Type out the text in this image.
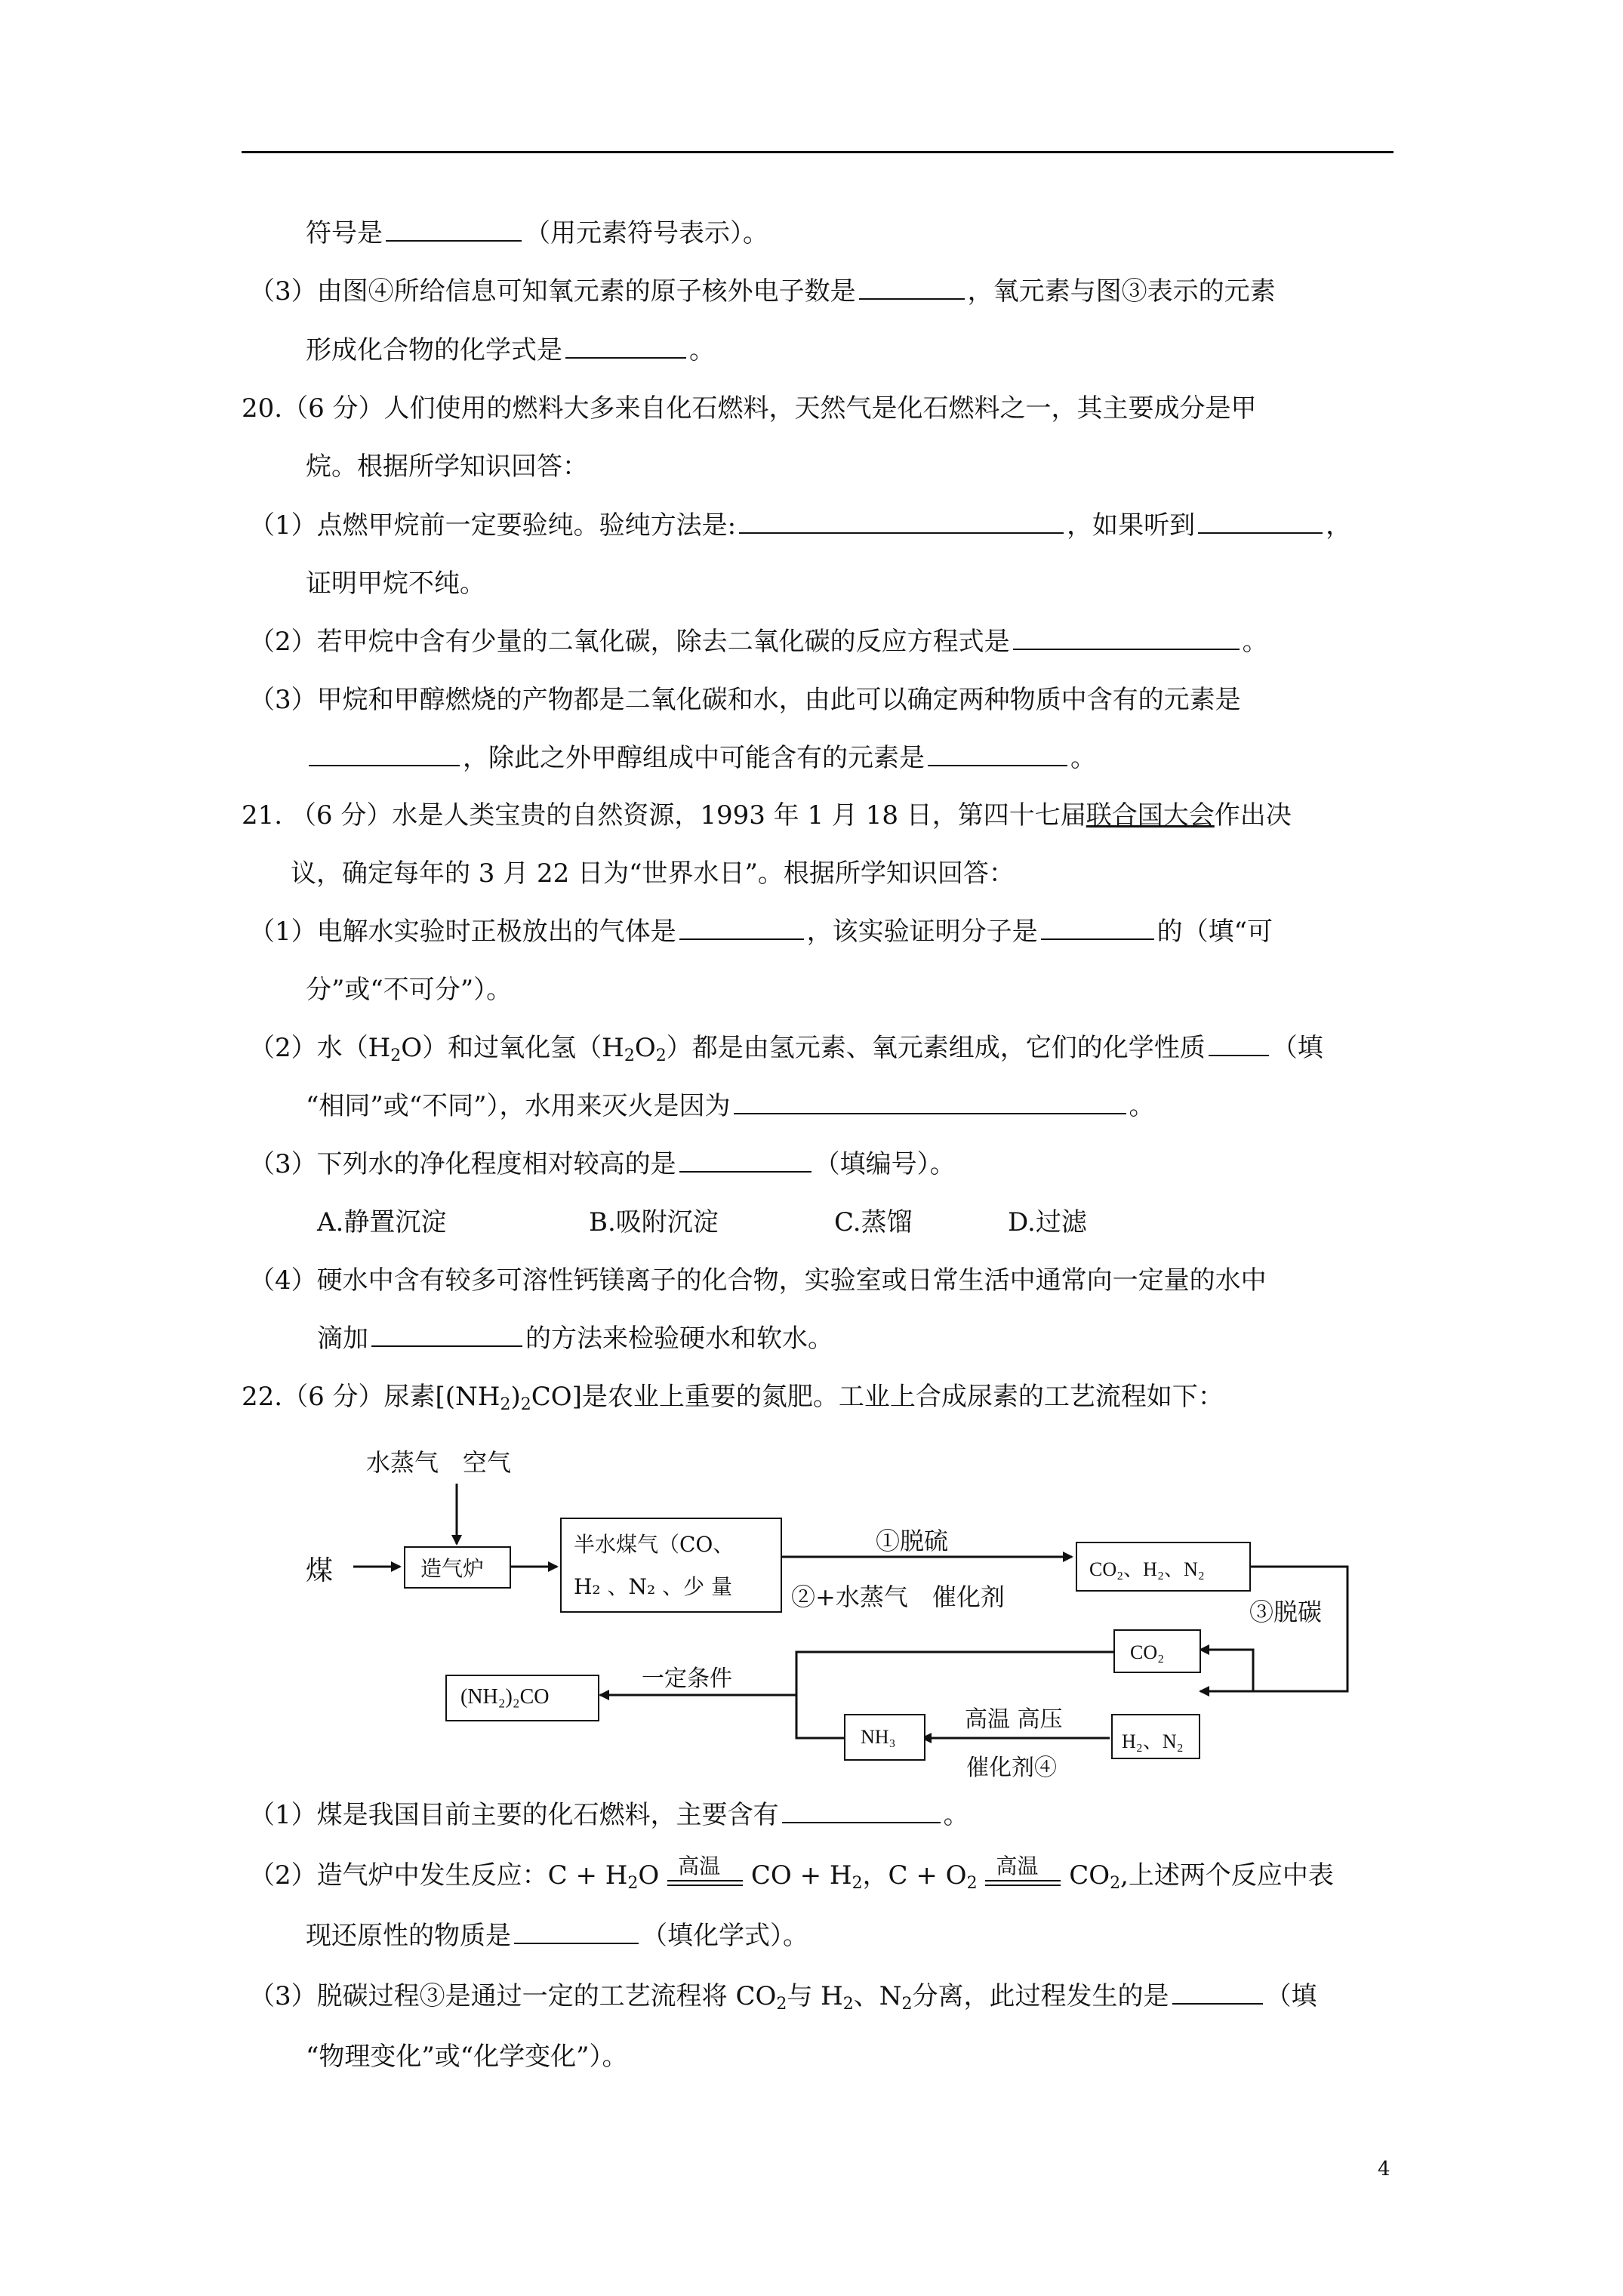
符号是	（用元素符号表示）。
（3）由图④所给信息可知氧元素的原子核外电子数是	，氧元素与图③表示的元素
形成化合物的化学式是	。
20.（6 分）人们使用的燃料大多来自化石燃料，天然气是化石燃料之一，其主要成分是甲
烷。根据所学知识回答：
（1）点燃甲烷前一定要验纯。验纯方法是:	，如果听到	，
证明甲烷不纯。
（2）若甲烷中含有少量的二氧化碳，除去二氧化碳的反应方程式是	。
（3）甲烷和甲醇燃烧的产物都是二氧化碳和水，由此可以确定两种物质中含有的元素是
，除此之外甲醇组成中可能含有的元素是	。
21. （6 分）水是人类宝贵的自然资源，1993 年 1 月 18 日，第四十七届联合国大会作出决
议，确定每年的 3 月 22 日为“世界水日”。根据所学知识回答：
（1）电解水实验时正极放出的气体是	，该实验证明分子是	的（填“可
分”或“不可分”）。
（2）水$(H_2O)$和过氧化氢$(H_2O_2)$都是由氢元素、氧元素组成，它们的化学性质	（填
“相同”或“不同”），水用来灭火是因为	。
（3）下列水的净化程度相对较高的是	（填编号）。
A.静置沉淀	B.吸附沉淀	C.蒸馏	D.过滤
（4）硬水中含有较多可溶性钙镁离子的化合物，实验室或日常生活中通常向一定量的水中
滴加	的方法来检验硬水和软水。
22.（6 分）尿素$[(NH_2)_2CO]$是农业上重要的氮肥。工业上合成尿素的工艺流程如下：
水蒸气　空气
煤	造气炉
半水煤气（CO、
H₂ 、N₂ 、少 量
①脱硫
②+水蒸气　催化剂
CO₂、H₂、N₂
③脱碳
CO₂
H₂、N₂
高温 高压
催化剂④
NH₃
一定条件
(NH₂)₂CO
（1）煤是我国目前主要的化石燃料，主要含有	。
（2）造气炉中发生反应：$C + H_2O$ 高温 CO + $H_2$，$C + O_2$
高温 $CO_2$,上述两个反应中表
现还原性的物质是	（填化学式）。
（3）脱碳过程③是通过一定的工艺流程将 $CO_2$与 $H_2$、$N_2$分离，此过程发生的是	（填
“物理变化”或“化学变化”）。
4
